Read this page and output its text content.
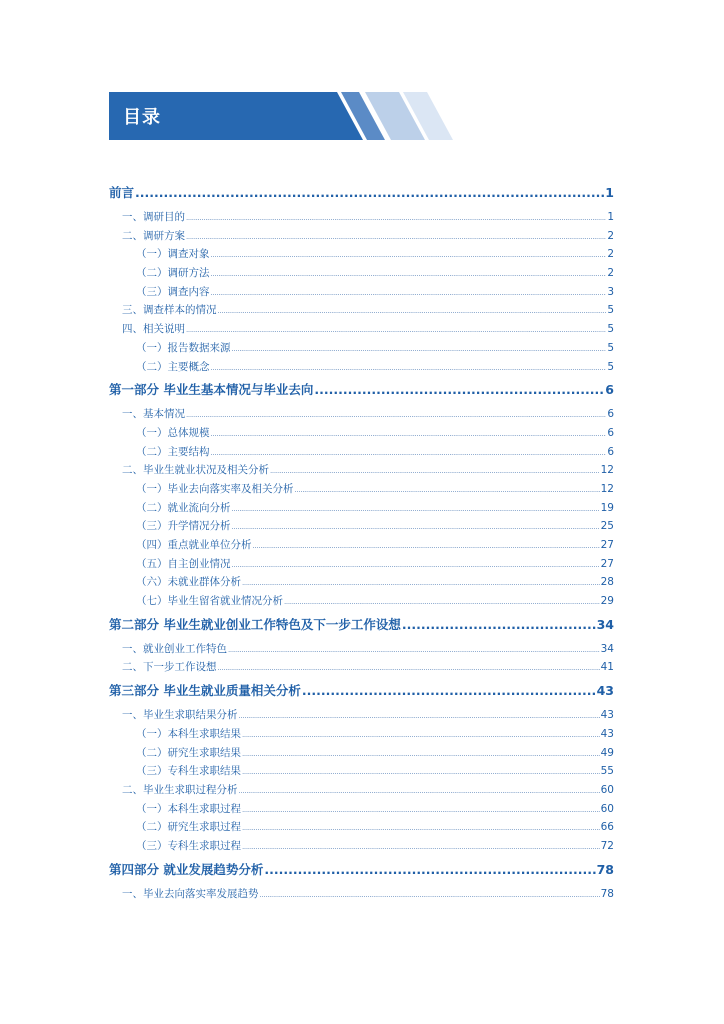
目录
前言 .....	1
一、调研目的 .....	1
二、调研方案 .....	2
（一）调查对象 .....	2
（二）调研方法 .....	2
（三）调查内容 .....	3
三、调查样本的情况 .....	5
四、相关说明 .....	5
（一）报告数据来源 .....	5
（二）主要概念 .....	5
第一部分 毕业生基本情况与毕业去向 .....	6
一、基本情况 .....	6
（一）总体规模 .....	6
（二）主要结构 .....	6
二、毕业生就业状况及相关分析 .....	12
（一）毕业去向落实率及相关分析 .....	12
（二）就业流向分析 .....	19
（三）升学情况分析 .....	25
（四）重点就业单位分析 .....	27
（五）自主创业情况 .....	27
（六）未就业群体分析 .....	28
（七）毕业生留省就业情况分析 .....	29
第二部分 毕业生就业创业工作特色及下一步工作设想 .....	34
一、就业创业工作特色 .....	34
二、下一步工作设想 .....	41
第三部分 毕业生就业质量相关分析 .....	43
一、毕业生求职结果分析 .....	43
（一）本科生求职结果 .....	43
（二）研究生求职结果 .....	49
（三）专科生求职结果 .....	55
二、毕业生求职过程分析 .....	60
（一）本科生求职过程 .....	60
（二）研究生求职过程 .....	66
（三）专科生求职过程 .....	72
第四部分 就业发展趋势分析 .....	78
一、毕业去向落实率发展趋势 .....	78
